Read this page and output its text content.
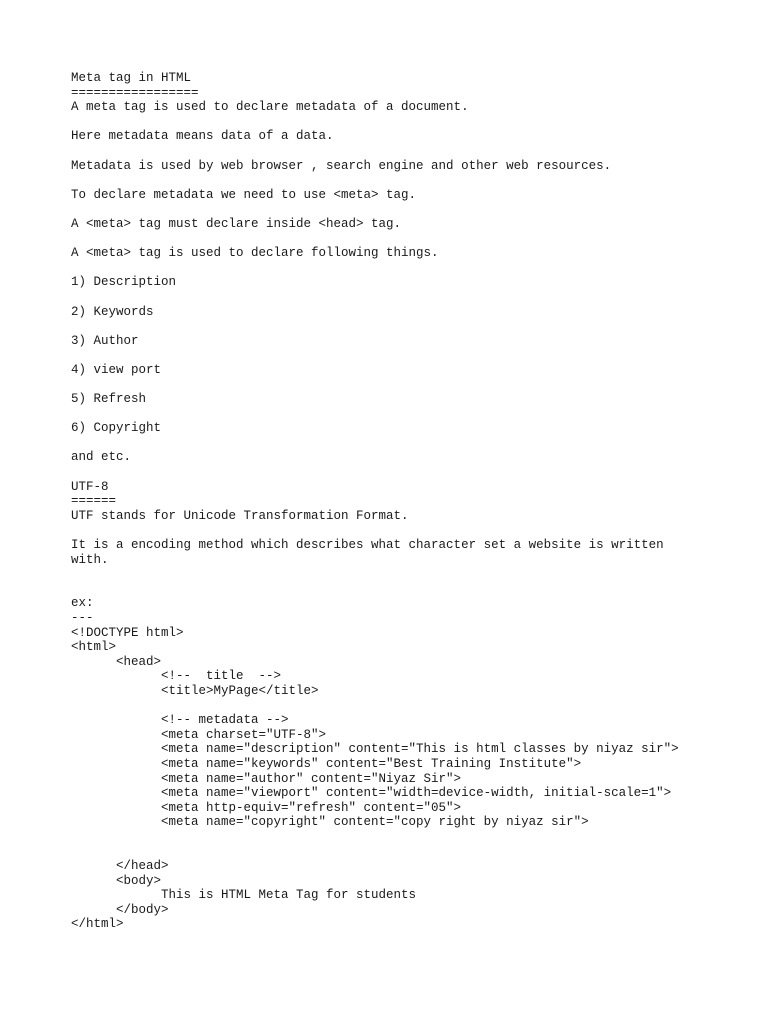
Meta tag in HTML
=================
A meta tag is used to declare metadata of a document.
Here metadata means data of a data.
Metadata is used by web browser , search engine and other web resources.
To declare metadata we need to use <meta> tag.
A <meta> tag must declare inside <head> tag.
A <meta> tag is used to declare following things.
1) Description
2) Keywords
3) Author
4) view port
5) Refresh
6) Copyright
and etc.
UTF-8
======
UTF stands for Unicode Transformation Format.
It is a encoding method which describes what character set a website is written
with.
ex:
---
<!DOCTYPE html>
<html>
<head>
<!--  title  -->
<title>MyPage</title>
<!-- metadata -->
<meta charset="UTF-8">
<meta name="description" content="This is html classes by niyaz sir">
<meta name="keywords" content="Best Training Institute">
<meta name="author" content="Niyaz Sir">
<meta name="viewport" content="width=device-width, initial-scale=1">
<meta http-equiv="refresh" content="05">
<meta name="copyright" content="copy right by niyaz sir">
</head>
<body>
This is HTML Meta Tag for students
</body>
</html>
